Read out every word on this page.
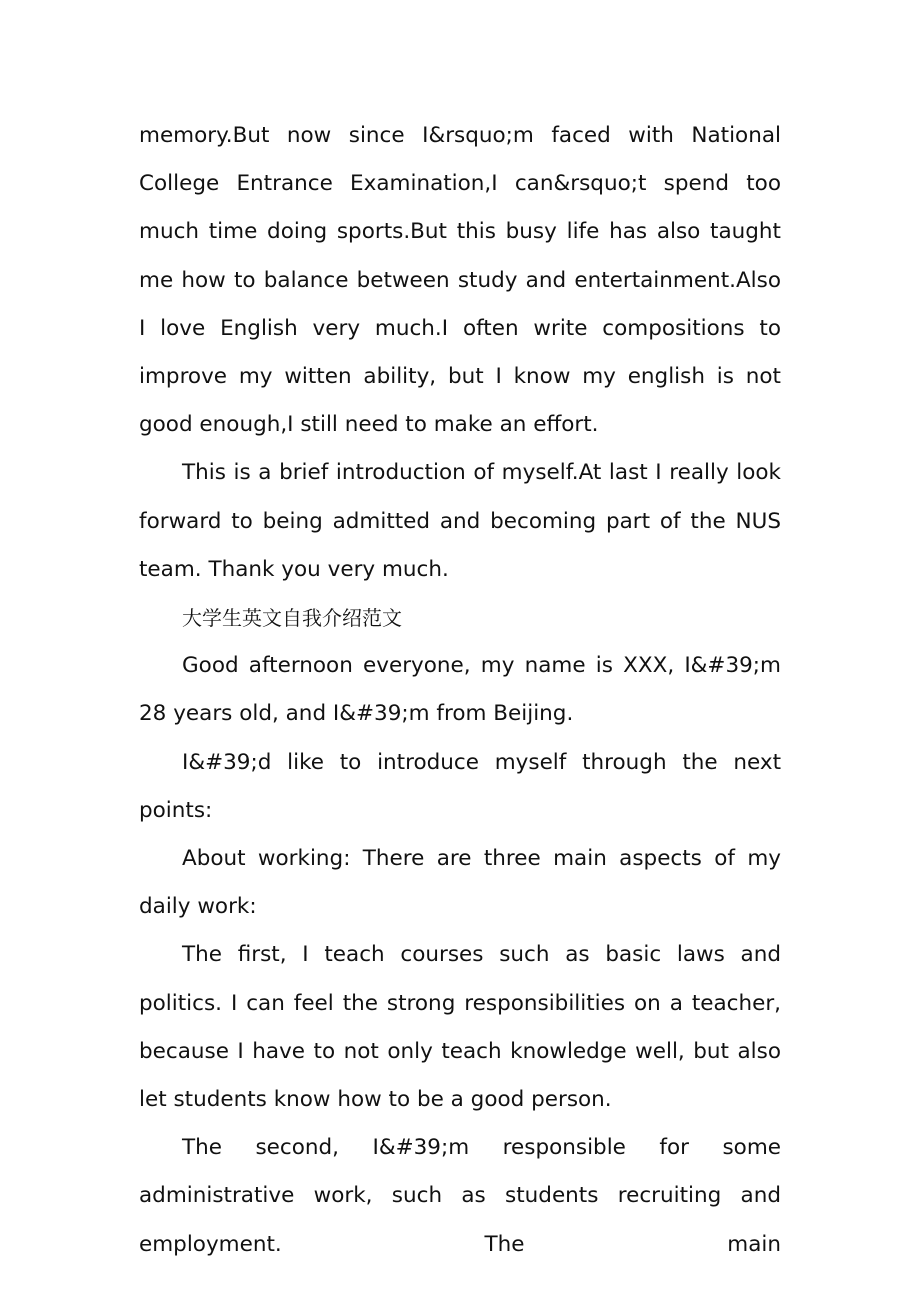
memory.But now since I&rsquo;m faced with National College Entrance Examination,I can&rsquo;t spend too much time doing sports.But this busy life has also taught me how to balance between study and entertainment.Also I love English very much.I often write compositions to improve my witten ability, but I know my english is not good enough,I still need to make an effort.

This is a brief introduction of myself.At last I really look forward to being admitted and becoming part of the NUS team. Thank you very much.

大学生英文自我介绍范文

Good afternoon everyone, my name is XXX, I&#39;m 28 years old, and I&#39;m from Beijing.

I&#39;d like to introduce myself through the next points:

About working: There are three main aspects of my daily work:

The first, I teach courses such as basic laws and politics. I can feel the strong responsibilities on a teacher, because I have to not only teach knowledge well, but also let students know how to be a good person.

The second, I&#39;m responsible for some administrative work, such as students recruiting and employment. The main
